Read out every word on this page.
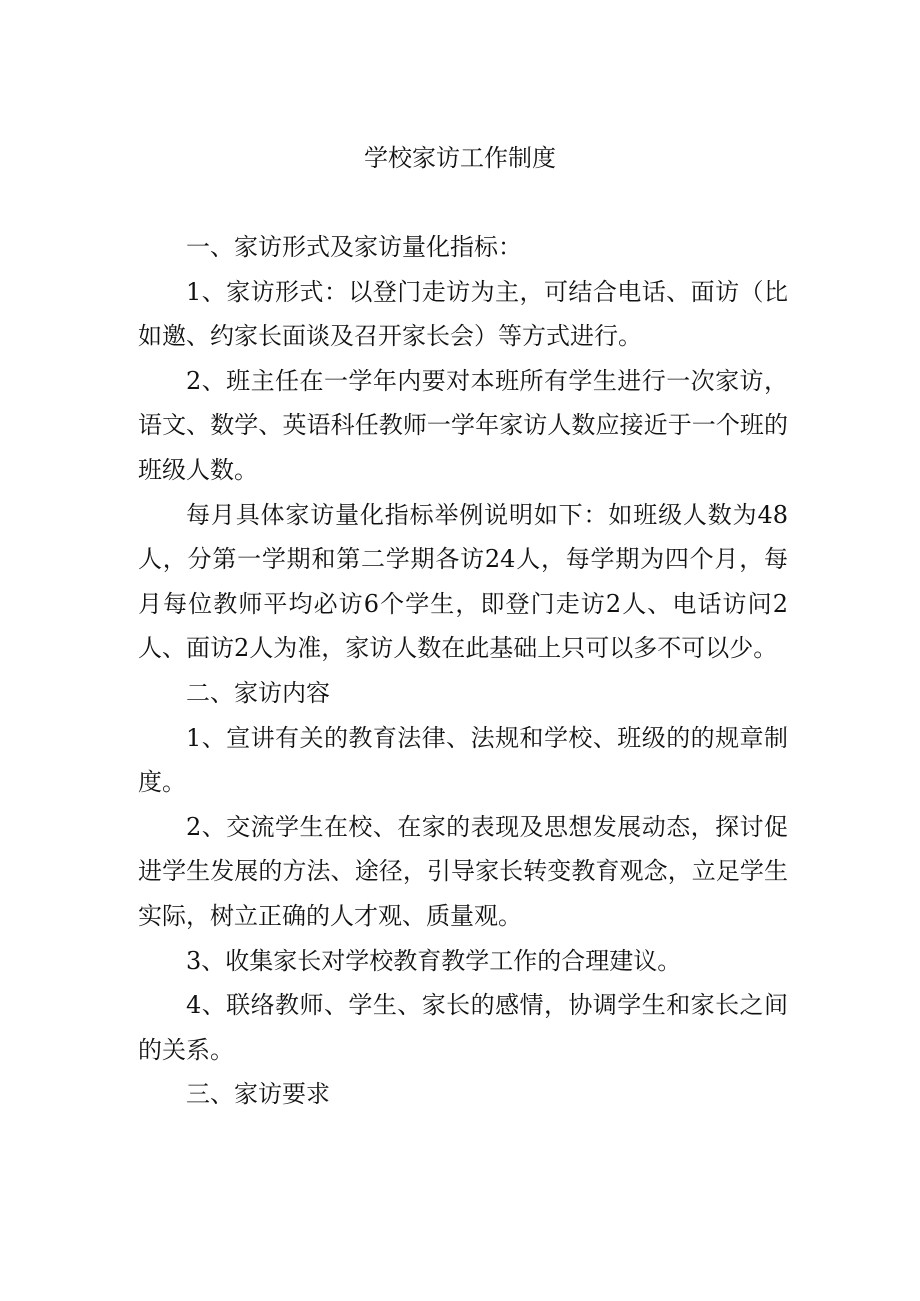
学校家访工作制度

一、家访形式及家访量化指标：

1、家访形式：以登门走访为主，可结合电话、面访（比如邀、约家长面谈及召开家长会）等方式进行。

2、班主任在一学年内要对本班所有学生进行一次家访，语文、数学、英语科任教师一学年家访人数应接近于一个班的班级人数。

每月具体家访量化指标举例说明如下：如班级人数为48人，分第一学期和第二学期各访24人，每学期为四个月，每月每位教师平均必访6个学生，即登门走访2人、电话访问2人、面访2人为准，家访人数在此基础上只可以多不可以少。

二、家访内容

1、宣讲有关的教育法律、法规和学校、班级的的规章制度。

2、交流学生在校、在家的表现及思想发展动态，探讨促进学生发展的方法、途径，引导家长转变教育观念，立足学生实际，树立正确的人才观、质量观。

3、收集家长对学校教育教学工作的合理建议。

4、联络教师、学生、家长的感情，协调学生和家长之间的关系。

三、家访要求
